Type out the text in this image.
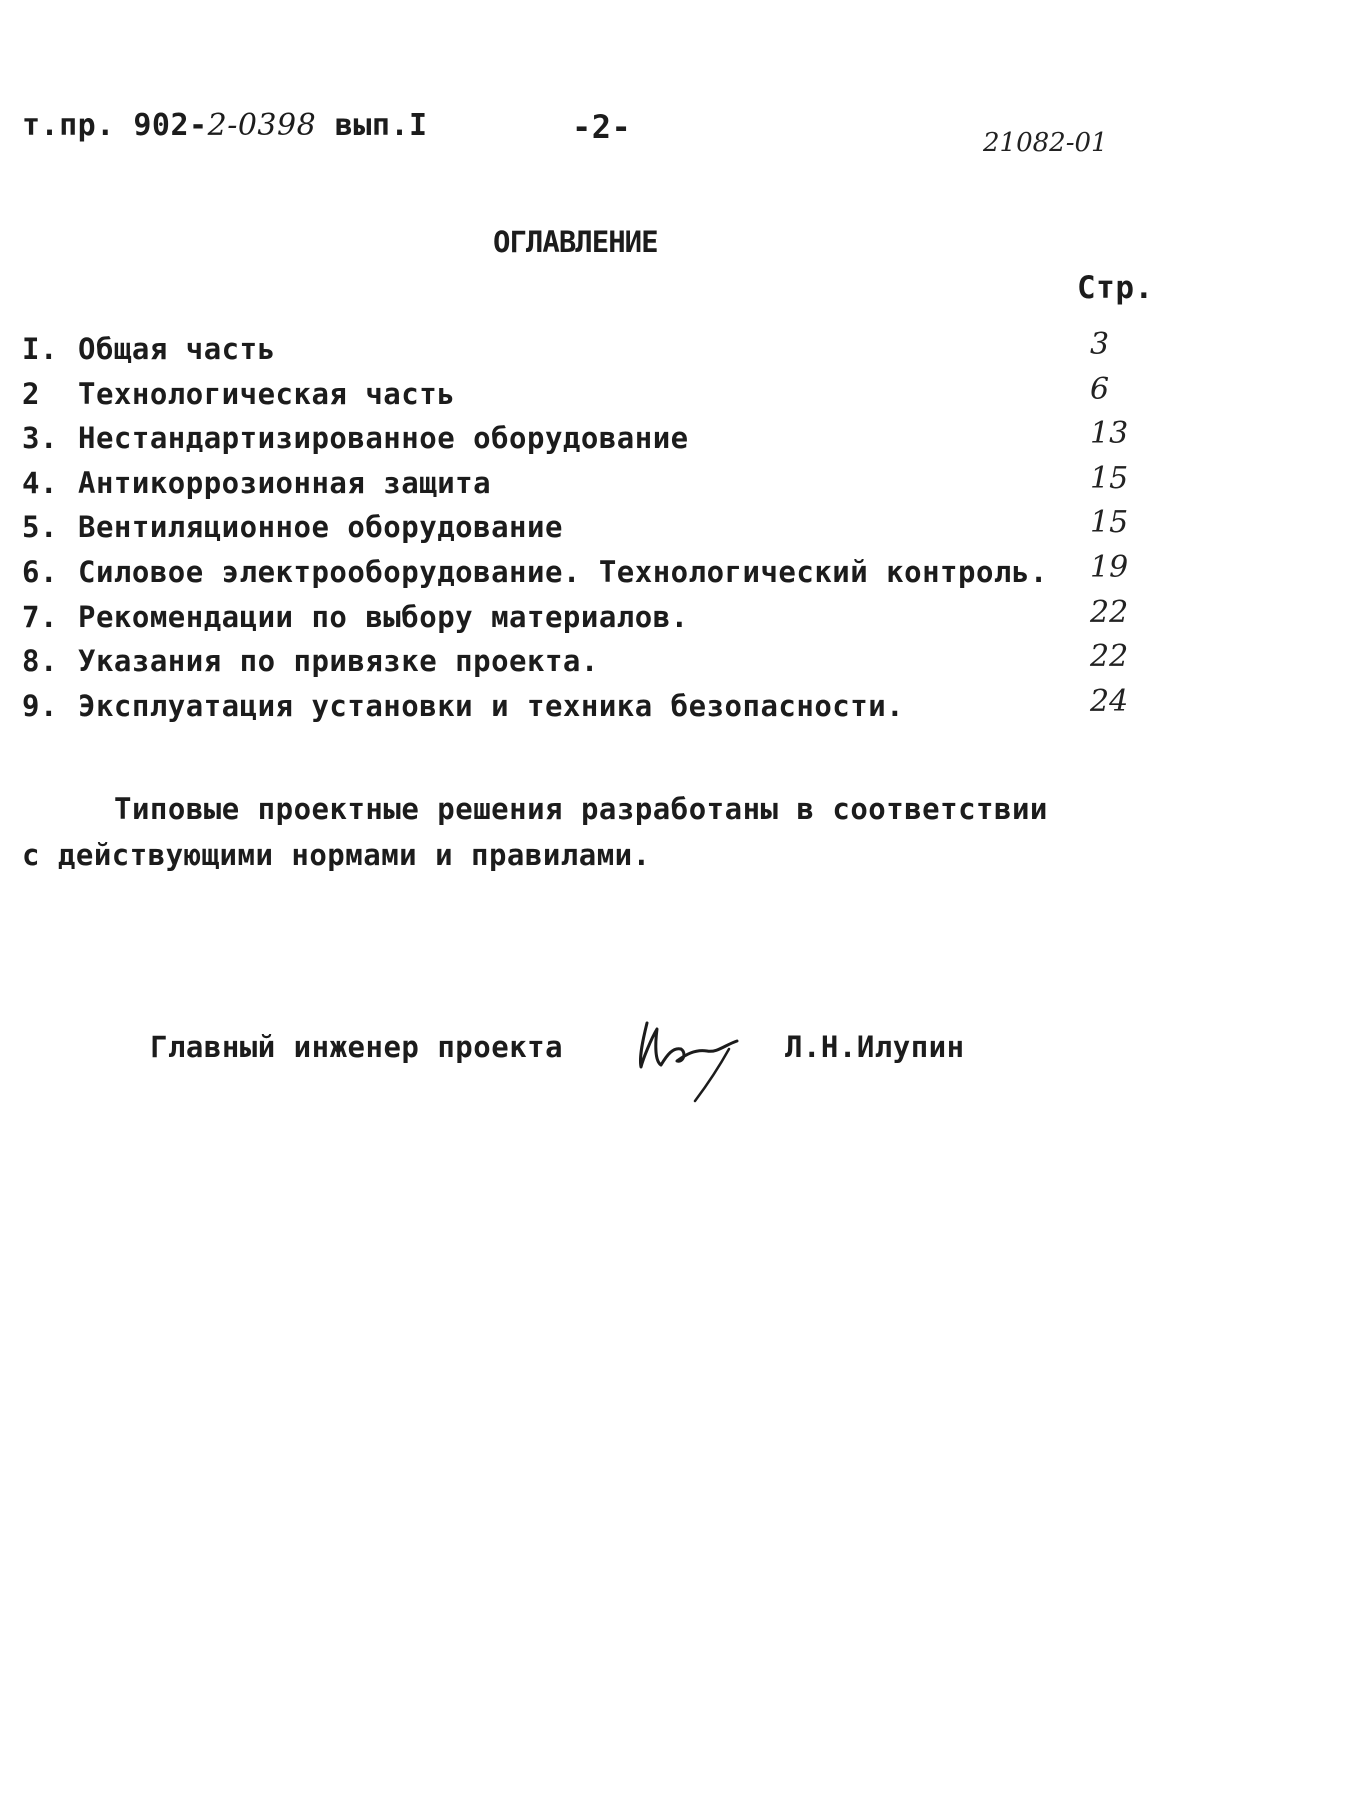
т.пр. 902-2-0398 вып.I	-2-	21082-01
ОГЛАВЛЕНИЕ
Стр.
I. Общая часть	3
2 Технологическая часть	6
3. Нестандартизированное оборудование	13
4. Антикоррозионная защита	15
5. Вентиляционное оборудование	15
6. Силовое электрооборудование. Технологический контроль. 19
7. Рекомендации по выбору материалов.	22
8. Указания по привязке проекта.	22
9. Эксплуатация установки и техника безопасности.	24
Типовые проектные решения разработаны в соответствии
с действующими нормами и правилами.
Главный инженер проекта	Л.Н.Илупин
